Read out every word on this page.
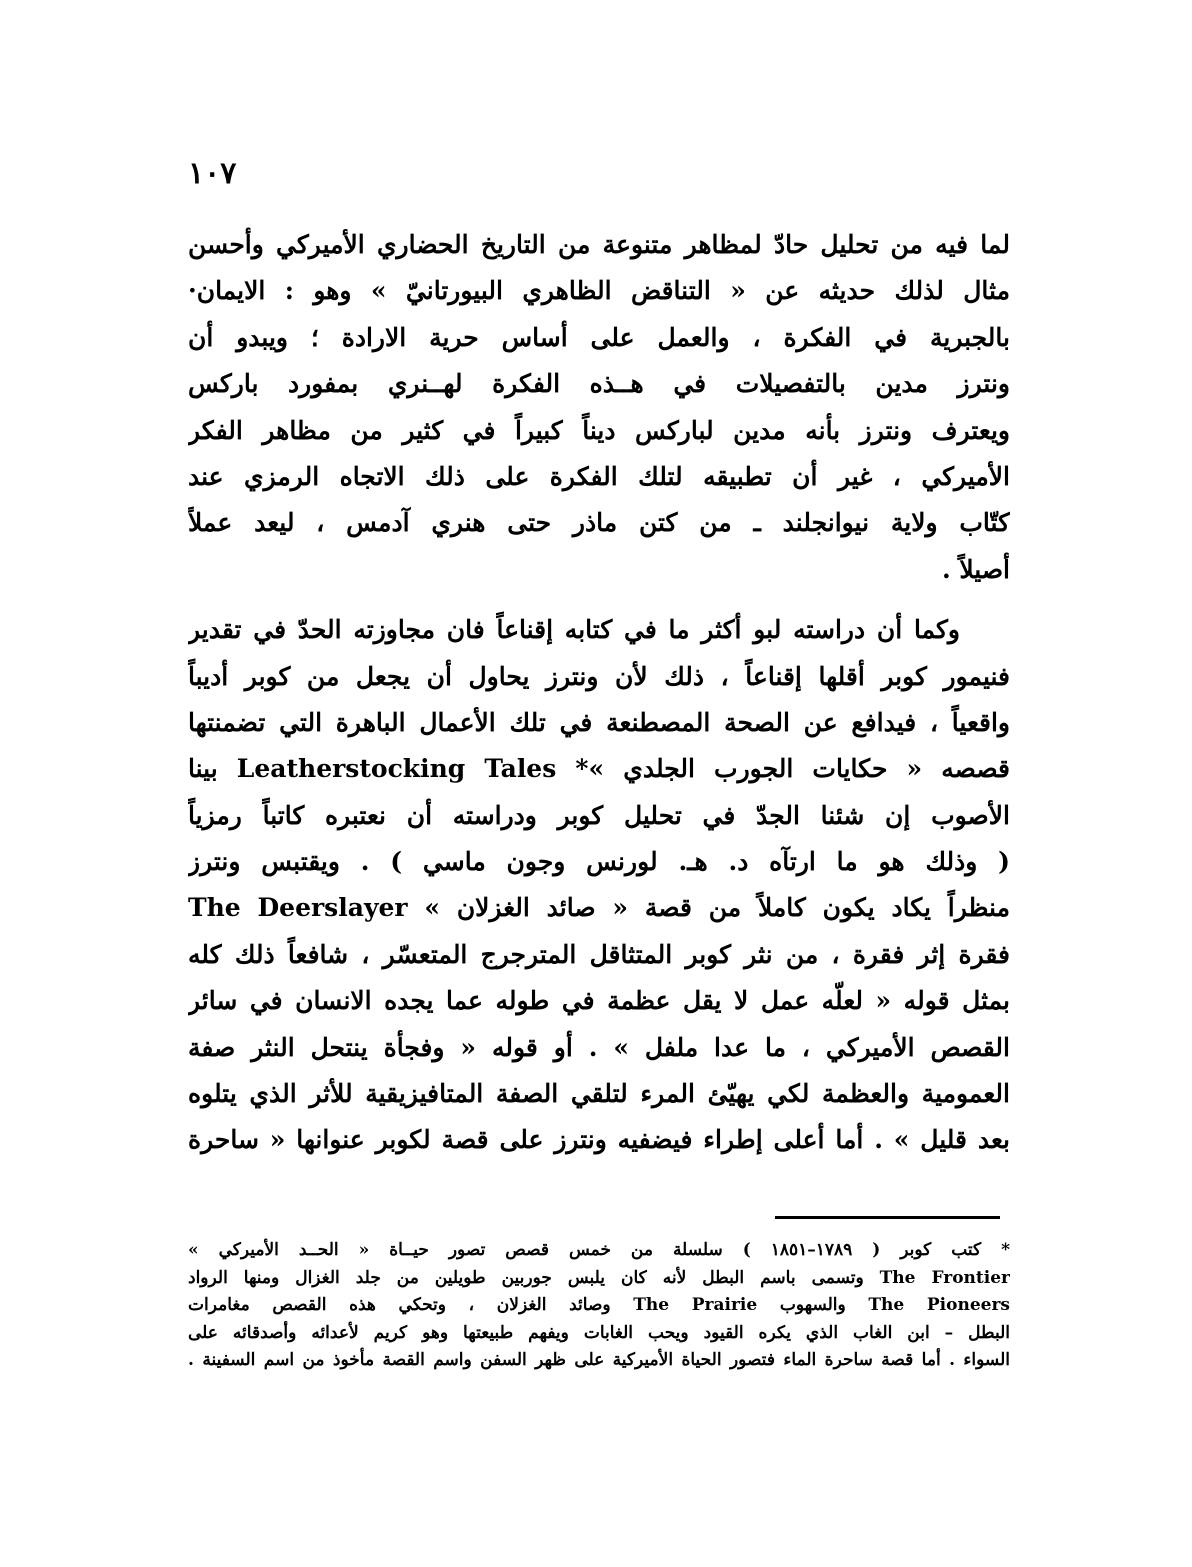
١٠٧
لما فيه من تحليل حادّ لمظاهر متنوعة من التاريخ الحضاري الأميركي وأحسن
مثال لذلك حديثه عن « التناقض الظاهري البيورتانيّ » وهو : الايمان·
بالجبرية في الفكرة ، والعمل على أساس حرية الارادة ؛ ويبدو أن
ونترز مدين بالتفصيلات في هــذه الفكرة لهــنري بمفورد باركس
ويعترف ونترز بأنه مدين لباركس ديناً كبيراً في كثير من مظاهر الفكر
الأميركي ، غير أن تطبيقه لتلك الفكرة على ذلك الاتجاه الرمزي عند
كتّاب ولاية نيوانجلند ـ من كتن ماذر حتى هنري آدمس ، ليعد عملاً
أصيلاً .
وكما أن دراسته لبو أكثر ما في كتابه إقناعاً فان مجاوزته الحدّ في تقدير
فنيمور كوبر أقلها إقناعاً ، ذلك لأن ونترز يحاول أن يجعل من كوبر أديباً
واقعياً ، فيدافع عن الصحة المصطنعة في تلك الأعمال الباهرة التي تضمنتها
قصصه « حكايات الجورب الجلدي »* Leatherstocking Tales بينا
الأصوب إن شئنا الجدّ في تحليل كوبر ودراسته أن نعتبره كاتباً رمزياً
( وذلك هو ما ارتآه د. هـ. لورنس وجون ماسي ) . ويقتبس ونترز
منظراً يكاد يكون كاملاً من قصة « صائد الغزلان » The Deerslayer
فقرة إثر فقرة ، من نثر كوبر المتثاقل المترجرج المتعسّر ، شافعاً ذلك كله
بمثل قوله « لعلّه عمل لا يقل عظمة في طوله عما يجده الانسان في سائر
القصص الأميركي ، ما عدا ملفل » . أو قوله « وفجأة ينتحل النثر صفة
العمومية والعظمة لكي يهيّئ المرء لتلقي الصفة المتافيزيقية للأثر الذي يتلوه
بعد قليل » . أما أعلى إطراء فيضفيه ونترز على قصة لكوبر عنوانها « ساحرة
* كتب كوبر ( ١٧٨٩–١٨٥١ ) سلسلة من خمس قصص تصور حيــاة « الحــد الأميركي »
The Frontier وتسمى باسم البطل لأنه كان يلبس جوربين طويلين من جلد الغزال ومنها الرواد
The Pioneers والسهوب The Prairie وصائد الغزلان ، وتحكي هذه القصص مغامرات
البطل – ابن الغاب الذي يكره القيود ويحب الغابات ويفهم طبيعتها وهو كريم لأعدائه وأصدقائه على
السواء . أما قصة ساحرة الماء فتصور الحياة الأميركية على ظهر السفن واسم القصة مأخوذ من اسم السفينة .
